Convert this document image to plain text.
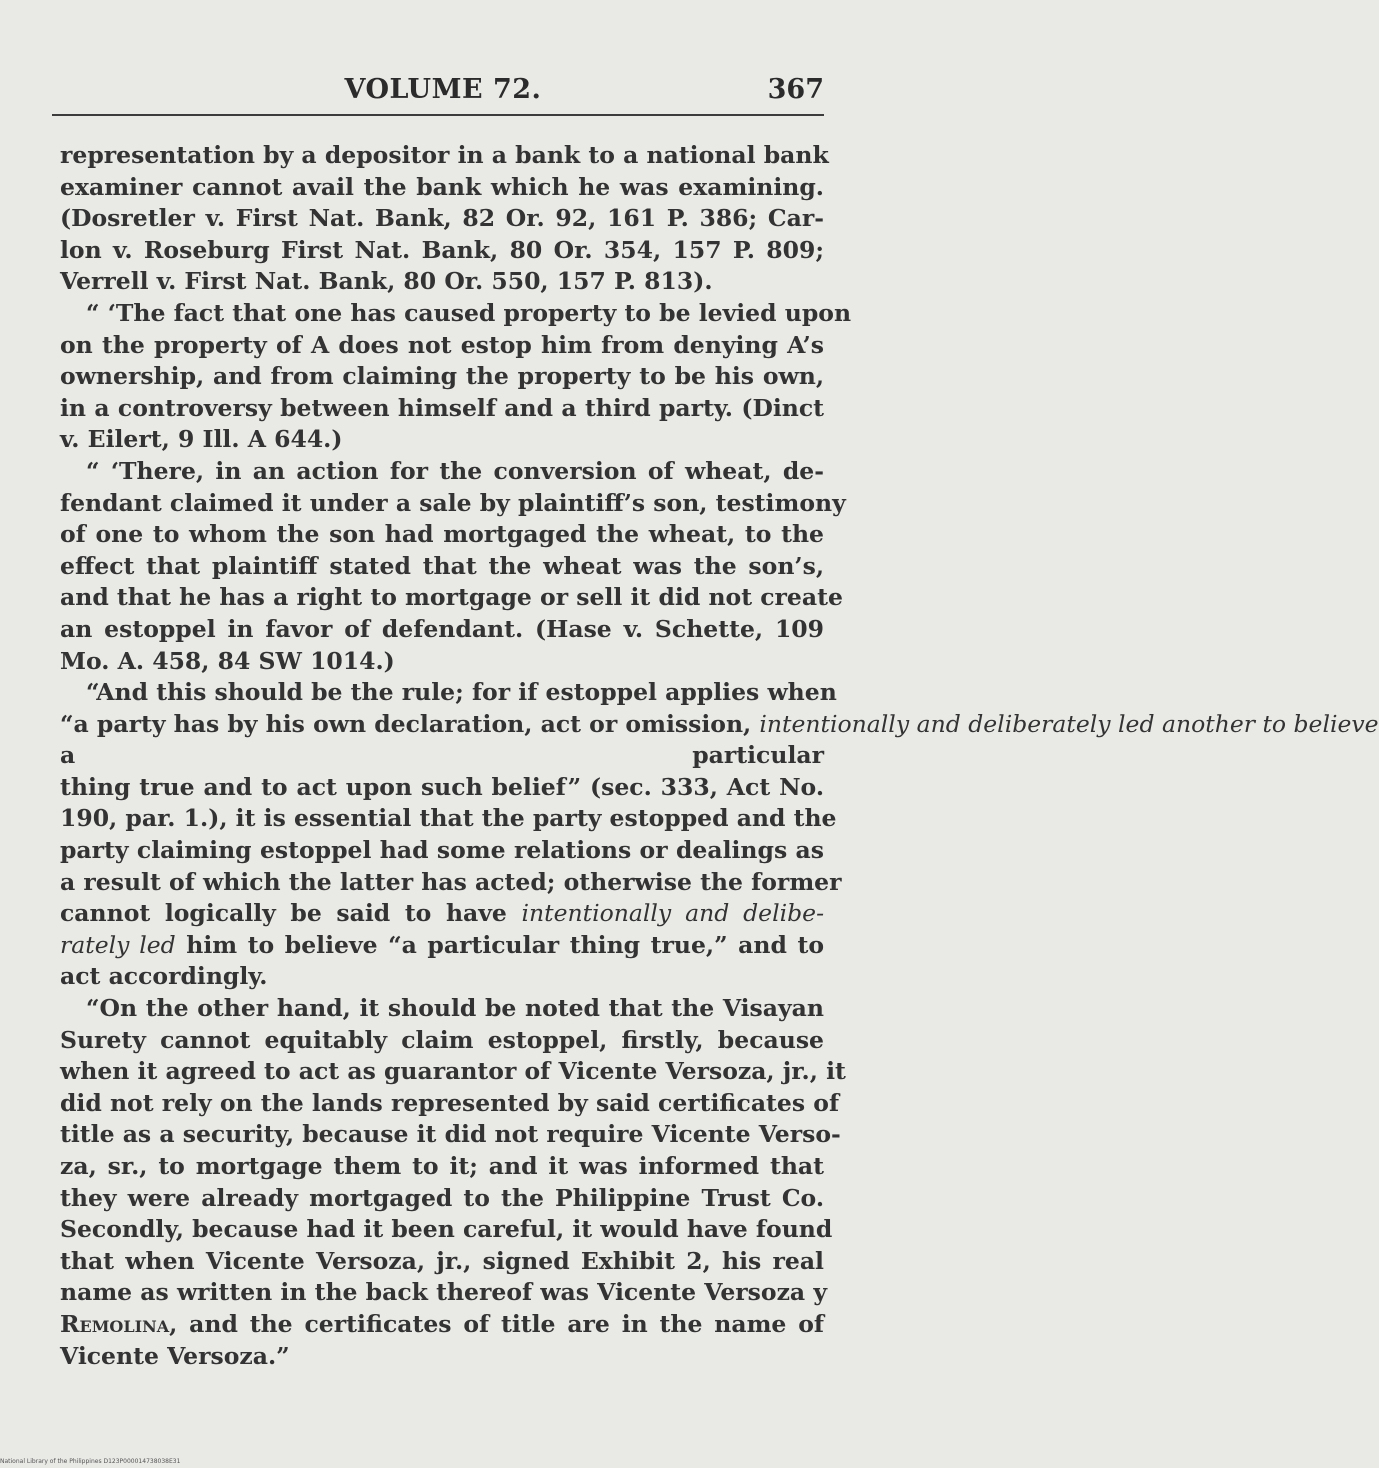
VOLUME 72.	367
representation by a depositor in a bank to a national bank
examiner cannot avail the bank which he was examining.
(Dosretler v. First Nat. Bank, 82 Or. 92, 161 P. 386; Car-
lon v. Roseburg First Nat. Bank, 80 Or. 354, 157 P. 809;
Verrell v. First Nat. Bank, 80 Or. 550, 157 P. 813).
“ ‘The fact that one has caused property to be levied upon
on the property of A does not estop him from denying A’s
ownership, and from claiming the property to be his own,
in a controversy between himself and a third party. (Dinct
v. Eilert, 9 Ill. A 644.)
“ ‘There, in an action for the conversion of wheat, de-
fendant claimed it under a sale by plaintiff’s son, testimony
of one to whom the son had mortgaged the wheat, to the
effect that plaintiff stated that the wheat was the son’s,
and that he has a right to mortgage or sell it did not create
an estoppel in favor of defendant. (Hase v. Schette, 109
Mo. A. 458, 84 SW 1014.)
“And this should be the rule; for if estoppel applies when
“a party has by his own declaration, act or omission, intentionally and deliberately led another to believe
a particular
thing true and to act upon such belief” (sec. 333, Act No.
190, par. 1.), it is essential that the party estopped and the
party claiming estoppel had some relations or dealings as
a result of which the latter has acted; otherwise the former
cannot logically be said to have intentionally and delibe-
rately led him to believe “a particular thing true,” and to
act accordingly.
“On the other hand, it should be noted that the Visayan
Surety cannot equitably claim estoppel, firstly, because
when it agreed to act as guarantor of Vicente Versoza, jr., it
did not rely on the lands represented by said certificates of
title as a security, because it did not require Vicente Verso-
za, sr., to mortgage them to it; and it was informed that
they were already mortgaged to the Philippine Trust Co.
Secondly, because had it been careful, it would have found
that when Vicente Versoza, jr., signed Exhibit 2, his real
name as written in the back thereof was Vicente Versoza y
Remolina, and the certificates of title are in the name of
Vicente Versoza.”
National Library of the Philippines D123P000014738038E31
